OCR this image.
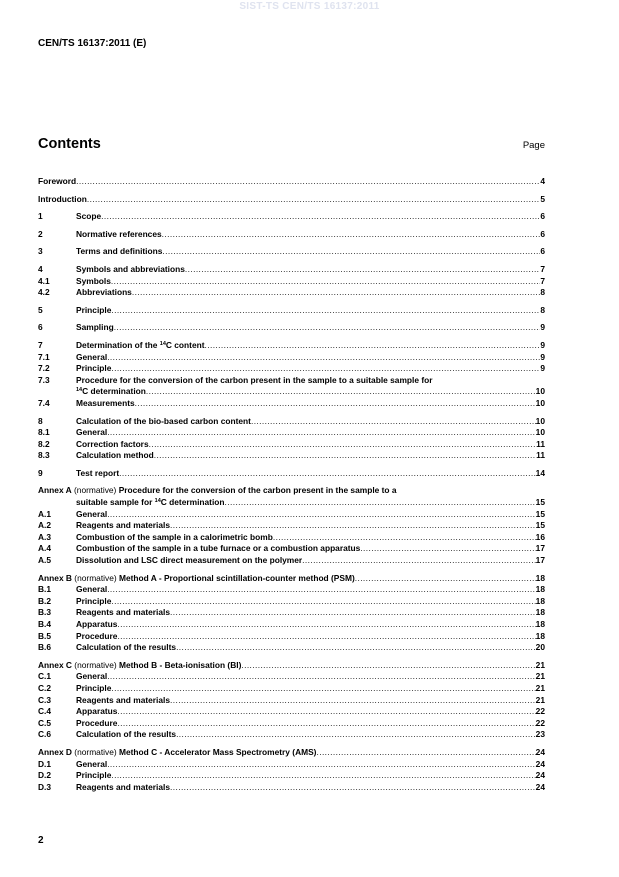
SIST-TS CEN/TS 16137:2011
CEN/TS 16137:2011 (E)
Contents	Page
Foreword .....	4
Introduction .....	5
1	Scope .....	6
2	Normative references .....	6
3	Terms and definitions .....	6
4	Symbols and abbreviations .....	7
4.1	Symbols .....	7
4.2	Abbreviations .....	8
5	Principle .....	8
6	Sampling .....	9
7	Determination of the $^{14}$C content .....	9
7.1	General .....	9
7.2	Principle .....	9
7.3	Procedure for the conversion of the carbon present in the sample to a suitable sample for
$^{14}$C determination .....	10
7.4	Measurements .....	10
8	Calculation of the bio-based carbon content .....	10
8.1	General .....	10
8.2	Correction factors .....	11
8.3	Calculation method .....	11
9	Test report .....	14
Annex A (normative) Procedure for the conversion of the carbon present in the sample to a
suitable sample for $^{14}$C determination .....	15
A.1	General .....	15
A.2	Reagents and materials .....	15
A.3	Combustion of the sample in a calorimetric bomb .....	16
A.4	Combustion of the sample in a tube furnace or a combustion apparatus .....	17
A.5	Dissolution and LSC direct measurement on the polymer .....	17
Annex B (normative) Method A - Proportional scintillation-counter method (PSM) .....	18
B.1	General .....	18
B.2	Principle .....	18
B.3	Reagents and materials .....	18
B.4	Apparatus .....	18
B.5	Procedure .....	18
B.6	Calculation of the results .....	20
Annex C (normative) Method B - Beta-ionisation (BI) .....	21
C.1	General .....	21
C.2	Principle .....	21
C.3	Reagents and materials .....	21
C.4	Apparatus .....	22
C.5	Procedure .....	22
C.6	Calculation of the results .....	23
Annex D (normative) Method C - Accelerator Mass Spectrometry (AMS) .....	24
D.1	General .....	24
D.2	Principle .....	24
D.3	Reagents and materials .....	24
2
